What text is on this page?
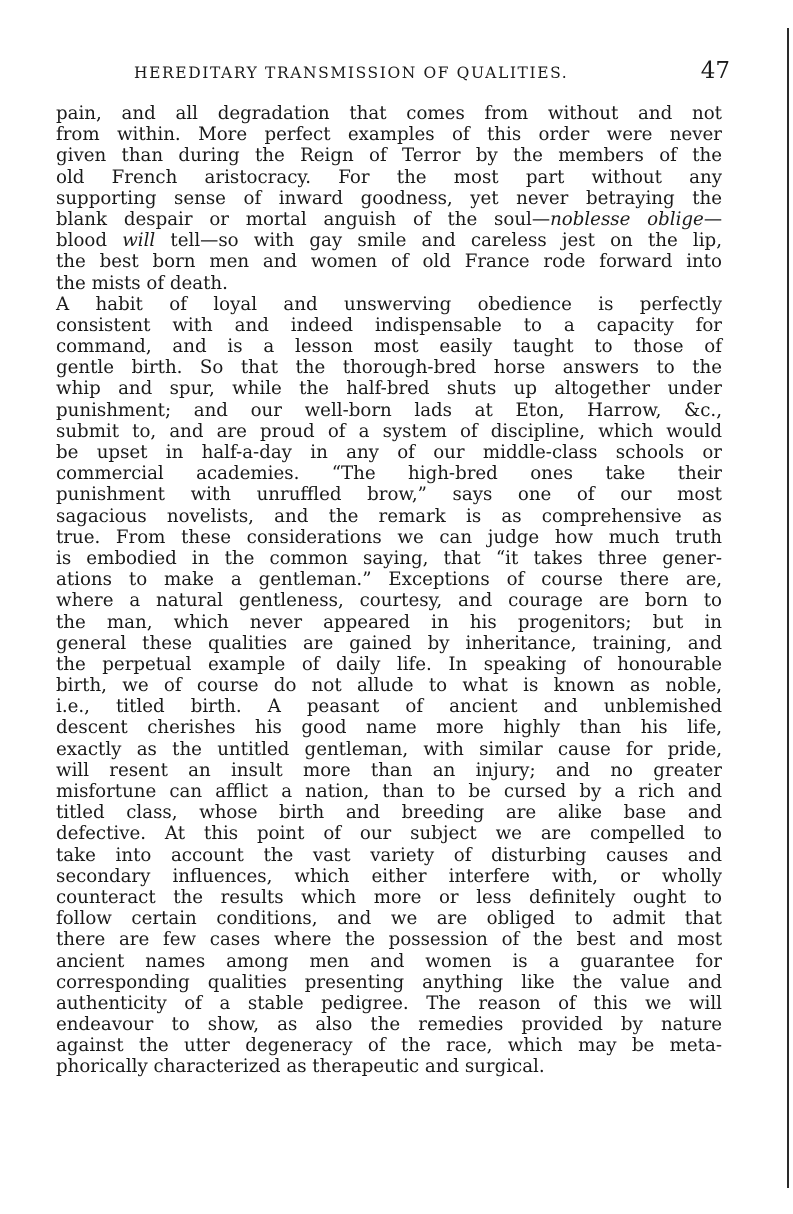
HEREDITARY TRANSMISSION OF QUALITIES.	47
pain, and all degradation that comes from without and not
from within. More perfect examples of this order were never
given than during the Reign of Terror by the members of the
old French aristocracy. For the most part without any
supporting sense of inward goodness, yet never betraying the
blank despair or mortal anguish of the soul—noblesse oblige—
blood will tell—so with gay smile and careless jest on the lip,
the best born men and women of old France rode forward into
the mists of death.
A habit of loyal and unswerving obedience is perfectly
consistent with and indeed indispensable to a capacity for
command, and is a lesson most easily taught to those of
gentle birth. So that the thorough-bred horse answers to the
whip and spur, while the half-bred shuts up altogether under
punishment; and our well-born lads at Eton, Harrow, &c.,
submit to, and are proud of a system of discipline, which would
be upset in half-a-day in any of our middle-class schools or
commercial academies. “The high-bred ones take their
punishment with unruffled brow,” says one of our most
sagacious novelists, and the remark is as comprehensive as
true. From these considerations we can judge how much truth
is embodied in the common saying, that “it takes three gener-
ations to make a gentleman.” Exceptions of course there are,
where a natural gentleness, courtesy, and courage are born to
the man, which never appeared in his progenitors; but in
general these qualities are gained by inheritance, training, and
the perpetual example of daily life. In speaking of honourable
birth, we of course do not allude to what is known as noble,
i.e., titled birth. A peasant of ancient and unblemished
descent cherishes his good name more highly than his life,
exactly as the untitled gentleman, with similar cause for pride,
will resent an insult more than an injury; and no greater
misfortune can afflict a nation, than to be cursed by a rich and
titled class, whose birth and breeding are alike base and
defective. At this point of our subject we are compelled to
take into account the vast variety of disturbing causes and
secondary influences, which either interfere with, or wholly
counteract the results which more or less definitely ought to
follow certain conditions, and we are obliged to admit that
there are few cases where the possession of the best and most
ancient names among men and women is a guarantee for
corresponding qualities presenting anything like the value and
authenticity of a stable pedigree. The reason of this we will
endeavour to show, as also the remedies provided by nature
against the utter degeneracy of the race, which may be meta-
phorically characterized as therapeutic and surgical.
